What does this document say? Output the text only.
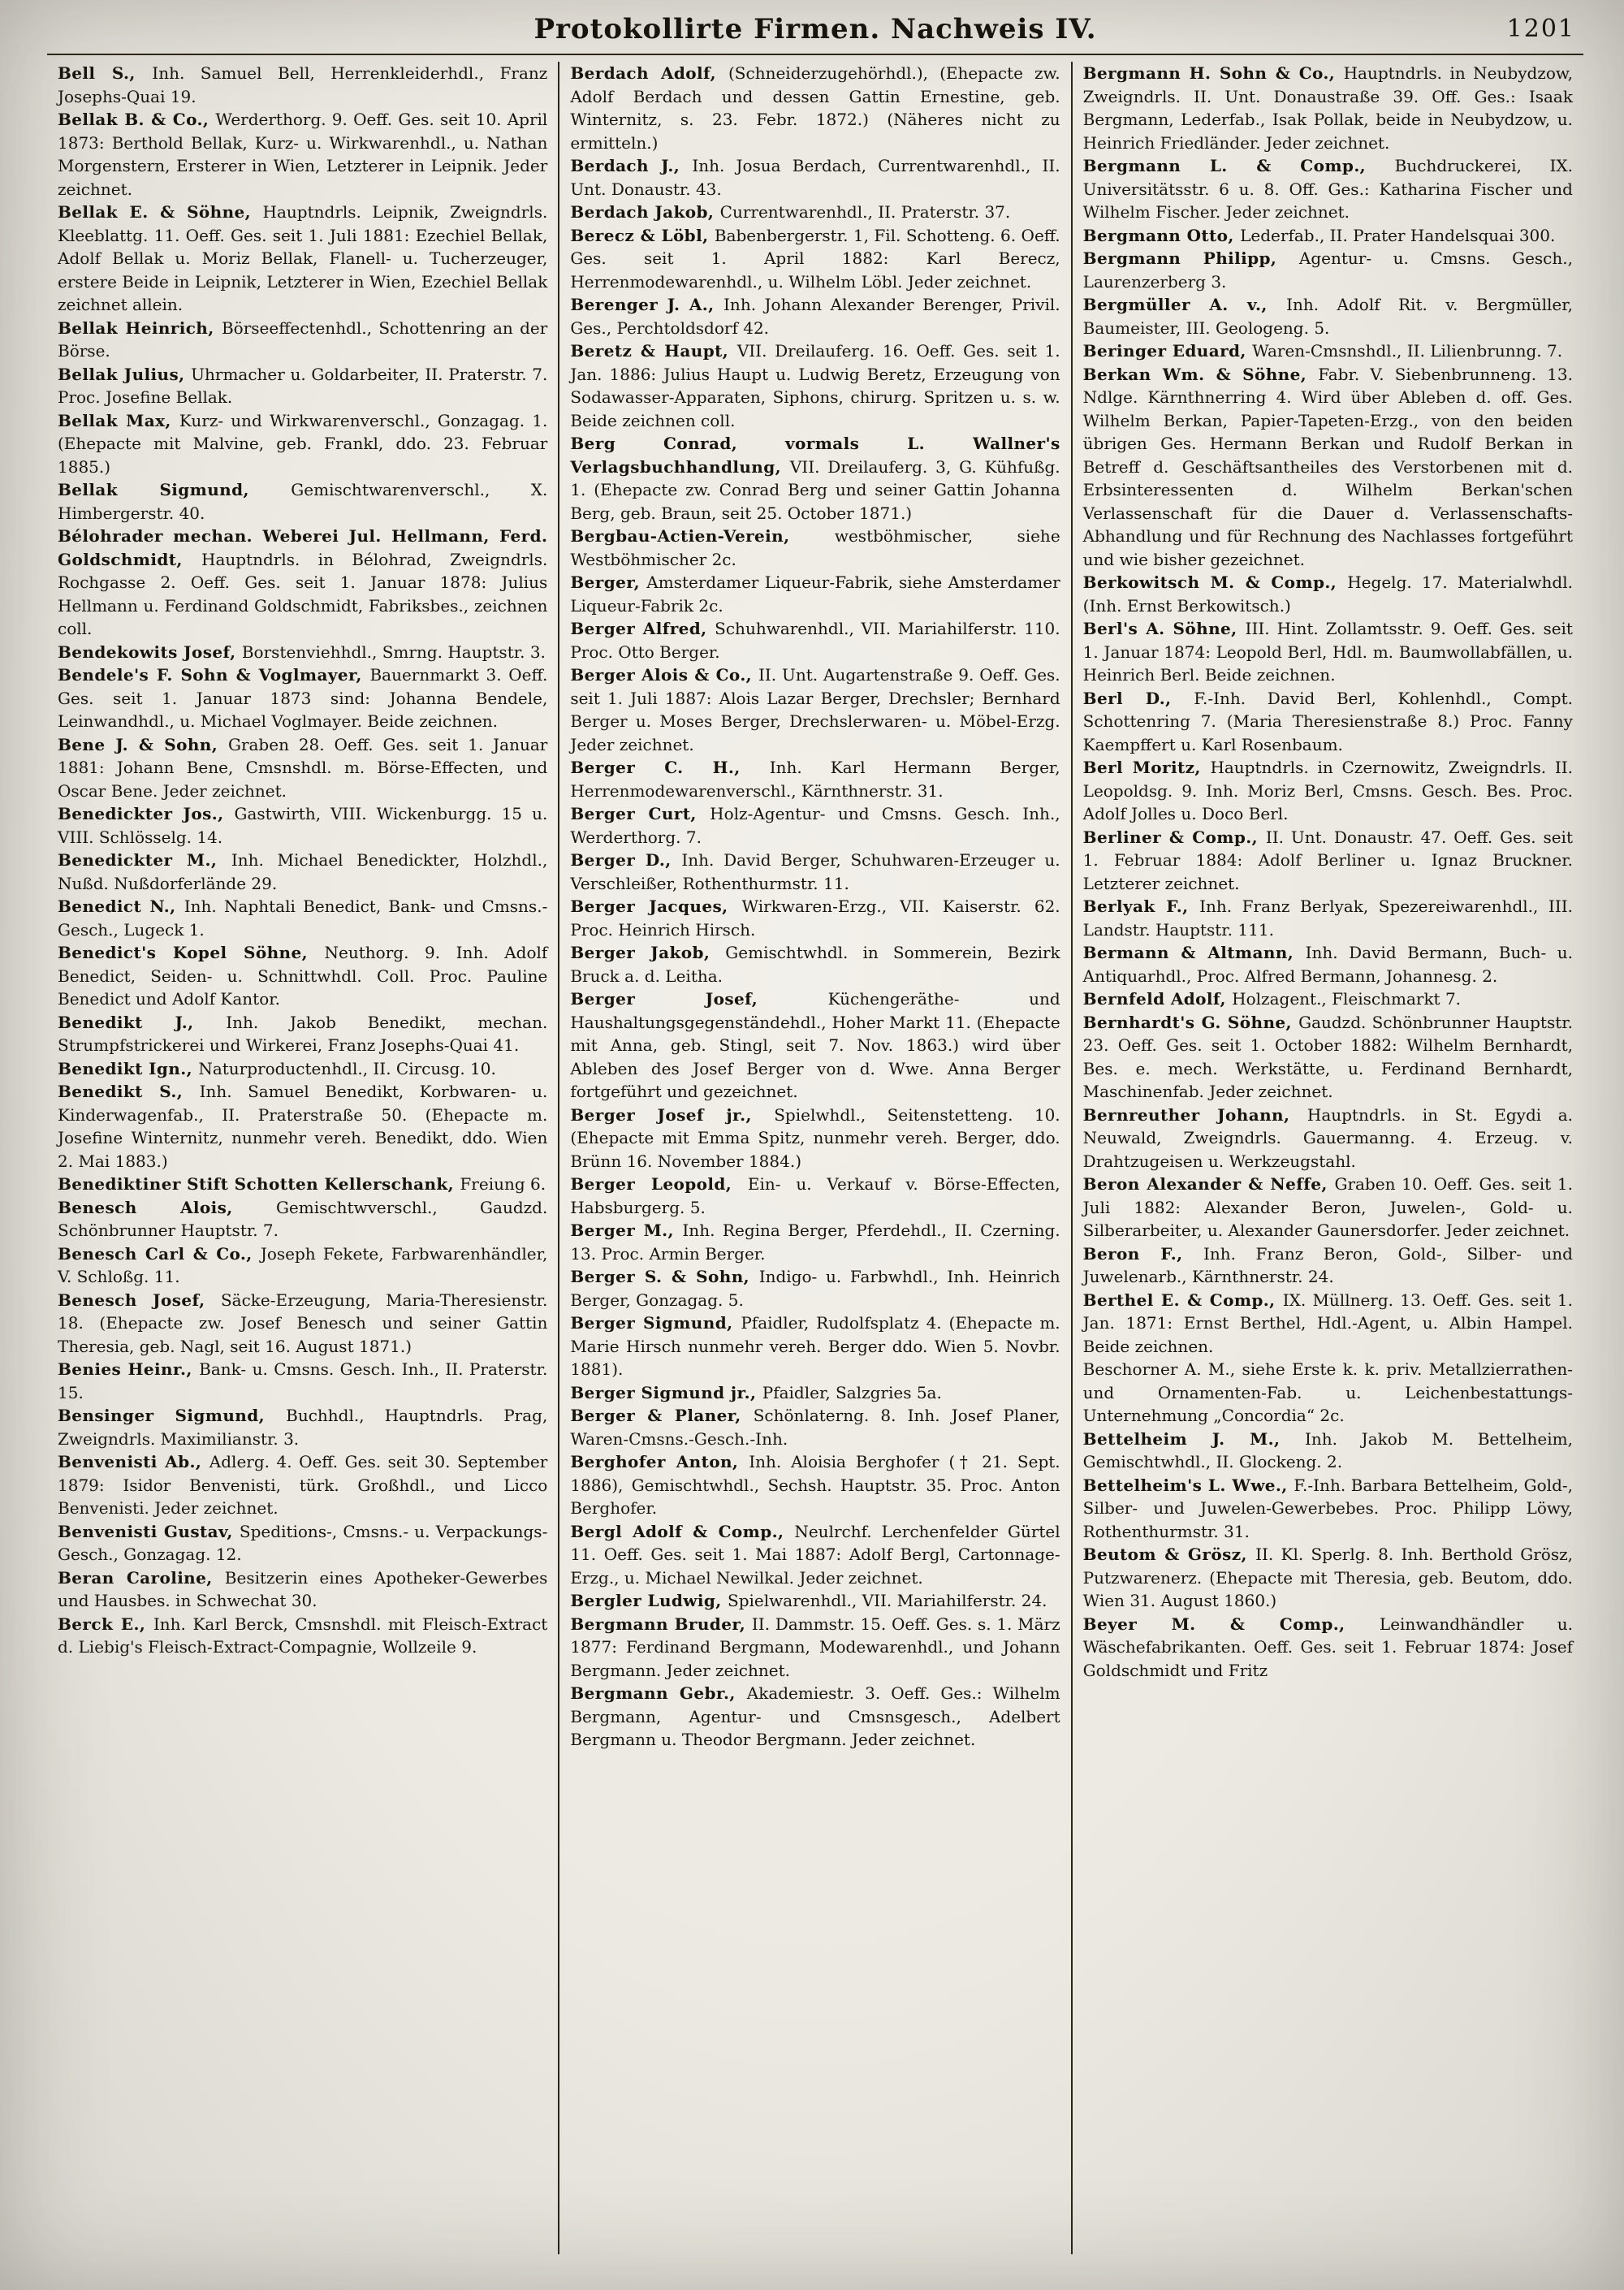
Protokollirte Firmen. Nachweis IV.	1201
Bell S., Inh. Samuel Bell, Herrenkleiderhdl., Franz Josephs-Quai 19.
Bellak B. & Co., Werderthorg. 9. Oeff. Ges. seit 10. April 1873: Berthold Bellak, Kurz- u. Wirkwarenhdl., u. Nathan Morgenstern, Ersterer in Wien, Letzterer in Leipnik. Jeder zeichnet.
Bellak E. & Söhne, Hauptndrls. Leipnik, Zweigndrls. Kleeblattg. 11. Oeff. Ges. seit 1. Juli 1881: Ezechiel Bellak, Adolf Bellak u. Moriz Bellak, Flanell- u. Tucherzeuger, erstere Beide in Leipnik, Letzterer in Wien, Ezechiel Bellak zeichnet allein.
Bellak Heinrich, Börseeffectenhdl., Schottenring an der Börse.
Bellak Julius, Uhrmacher u. Goldarbeiter, II. Praterstr. 7. Proc. Josefine Bellak.
Bellak Max, Kurz- und Wirkwarenverschl., Gonzagag. 1. (Ehepacte mit Malvine, geb. Frankl, ddo. 23. Februar 1885.)
Bellak Sigmund, Gemischtwarenverschl., X. Himbergerstr. 40.
Bélohrader mechan. Weberei Jul. Hellmann, Ferd. Goldschmidt, Hauptndrls. in Bélohrad, Zweigndrls. Rochgasse 2. Oeff. Ges. seit 1. Januar 1878: Julius Hellmann u. Ferdinand Goldschmidt, Fabriksbes., zeichnen coll.
Bendekowits Josef, Borstenviehhdl., Smrng. Hauptstr. 3.
Bendele's F. Sohn & Voglmayer, Bauernmarkt 3. Oeff. Ges. seit 1. Januar 1873 sind: Johanna Bendele, Leinwandhdl., u. Michael Voglmayer. Beide zeichnen.
Bene J. & Sohn, Graben 28. Oeff. Ges. seit 1. Januar 1881: Johann Bene, Cmsnshdl. m. Börse-Effecten, und Oscar Bene. Jeder zeichnet.
Benedickter Jos., Gastwirth, VIII. Wickenburgg. 15 u. VIII. Schlösselg. 14.
Benedickter M., Inh. Michael Benedickter, Holzhdl., Nußd. Nußdorferlände 29.
Benedict N., Inh. Naphtali Benedict, Bank- und Cmsns.-Gesch., Lugeck 1.
Benedict's Kopel Söhne, Neuthorg. 9. Inh. Adolf Benedict, Seiden- u. Schnittwhdl. Coll. Proc. Pauline Benedict und Adolf Kantor.
Benedikt J., Inh. Jakob Benedikt, mechan. Strumpfstrickerei und Wirkerei, Franz Josephs-Quai 41.
Benedikt Ign., Naturproductenhdl., II. Circusg. 10.
Benedikt S., Inh. Samuel Benedikt, Korbwaren- u. Kinderwagenfab., II. Praterstraße 50. (Ehepacte m. Josefine Winternitz, nunmehr vereh. Benedikt, ddo. Wien 2. Mai 1883.)
Benediktiner Stift Schotten Kellerschank, Freiung 6.
Benesch Alois, Gemischtwverschl., Gaudzd. Schönbrunner Hauptstr. 7.
Benesch Carl & Co., Joseph Fekete, Farbwarenhändler, V. Schloßg. 11.
Benesch Josef, Säcke-Erzeugung, Maria-Theresienstr. 18. (Ehepacte zw. Josef Benesch und seiner Gattin Theresia, geb. Nagl, seit 16. August 1871.)
Benies Heinr., Bank- u. Cmsns. Gesch. Inh., II. Praterstr. 15.
Bensinger Sigmund, Buchhdl., Hauptndrls. Prag, Zweigndrls. Maximilianstr. 3.
Benvenisti Ab., Adlerg. 4. Oeff. Ges. seit 30. September 1879: Isidor Benvenisti, türk. Großhdl., und Licco Benvenisti. Jeder zeichnet.
Benvenisti Gustav, Speditions-, Cmsns.- u. Verpackungs-Gesch., Gonzagag. 12.
Beran Caroline, Besitzerin eines Apotheker-Gewerbes und Hausbes. in Schwechat 30.
Berck E., Inh. Karl Berck, Cmsnshdl. mit Fleisch-Extract d. Liebig's Fleisch-Extract-Compagnie, Wollzeile 9.
Berdach Adolf, (Schneiderzugehörhdl.), (Ehepacte zw. Adolf Berdach und dessen Gattin Ernestine, geb. Winternitz, s. 23. Febr. 1872.) (Näheres nicht zu ermitteln.)
Berdach J., Inh. Josua Berdach, Currentwarenhdl., II. Unt. Donaustr. 43.
Berdach Jakob, Currentwarenhdl., II. Praterstr. 37.
Berecz & Löbl, Babenbergerstr. 1, Fil. Schotteng. 6. Oeff. Ges. seit 1. April 1882: Karl Berecz, Herrenmodewarenhdl., u. Wilhelm Löbl. Jeder zeichnet.
Berenger J. A., Inh. Johann Alexander Berenger, Privil. Ges., Perchtoldsdorf 42.
Beretz & Haupt, VII. Dreilauferg. 16. Oeff. Ges. seit 1. Jan. 1886: Julius Haupt u. Ludwig Beretz, Erzeugung von Sodawasser-Apparaten, Siphons, chirurg. Spritzen u. s. w. Beide zeichnen coll.
Berg Conrad, vormals L. Wallner's Verlagsbuchhandlung, VII. Dreilauferg. 3, G. Kühfußg. 1. (Ehepacte zw. Conrad Berg und seiner Gattin Johanna Berg, geb. Braun, seit 25. October 1871.)
Bergbau-Actien-Verein, westböhmischer, siehe Westböhmischer 2c.
Berger, Amsterdamer Liqueur-Fabrik, siehe Amsterdamer Liqueur-Fabrik 2c.
Berger Alfred, Schuhwarenhdl., VII. Mariahilferstr. 110. Proc. Otto Berger.
Berger Alois & Co., II. Unt. Augartenstraße 9. Oeff. Ges. seit 1. Juli 1887: Alois Lazar Berger, Drechsler; Bernhard Berger u. Moses Berger, Drechslerwaren- u. Möbel-Erzg. Jeder zeichnet.
Berger C. H., Inh. Karl Hermann Berger, Herrenmodewarenverschl., Kärnthnerstr. 31.
Berger Curt, Holz-Agentur- und Cmsns. Gesch. Inh., Werderthorg. 7.
Berger D., Inh. David Berger, Schuhwaren-Erzeuger u. Verschleißer, Rothenthurmstr. 11.
Berger Jacques, Wirkwaren-Erzg., VII. Kaiserstr. 62. Proc. Heinrich Hirsch.
Berger Jakob, Gemischtwhdl. in Sommerein, Bezirk Bruck a. d. Leitha.
Berger Josef, Küchengeräthe- und Haushaltungsgegenständehdl., Hoher Markt 11. (Ehepacte mit Anna, geb. Stingl, seit 7. Nov. 1863.) wird über Ableben des Josef Berger von d. Wwe. Anna Berger fortgeführt und gezeichnet.
Berger Josef jr., Spielwhdl., Seitenstetteng. 10. (Ehepacte mit Emma Spitz, nunmehr vereh. Berger, ddo. Brünn 16. November 1884.)
Berger Leopold, Ein- u. Verkauf v. Börse-Effecten, Habsburgerg. 5.
Berger M., Inh. Regina Berger, Pferdehdl., II. Czerning. 13. Proc. Armin Berger.
Berger S. & Sohn, Indigo- u. Farbwhdl., Inh. Heinrich Berger, Gonzagag. 5.
Berger Sigmund, Pfaidler, Rudolfsplatz 4. (Ehepacte m. Marie Hirsch nunmehr vereh. Berger ddo. Wien 5. Novbr. 1881).
Berger Sigmund jr., Pfaidler, Salzgries 5a.
Berger & Planer, Schönlaterng. 8. Inh. Josef Planer, Waren-Cmsns.-Gesch.-Inh.
Berghofer Anton, Inh. Aloisia Berghofer († 21. Sept. 1886), Gemischtwhdl., Sechsh. Hauptstr. 35. Proc. Anton Berghofer.
Bergl Adolf & Comp., Neulrchf. Lerchenfelder Gürtel 11. Oeff. Ges. seit 1. Mai 1887: Adolf Bergl, Cartonnage-Erzg., u. Michael Newilkal. Jeder zeichnet.
Bergler Ludwig, Spielwarenhdl., VII. Mariahilferstr. 24.
Bergmann Bruder, II. Dammstr. 15. Oeff. Ges. s. 1. März 1877: Ferdinand Bergmann, Modewarenhdl., und Johann Bergmann. Jeder zeichnet.
Bergmann Gebr., Akademiestr. 3. Oeff. Ges.: Wilhelm Bergmann, Agentur- und Cmsnsgesch., Adelbert Bergmann u. Theodor Bergmann. Jeder zeichnet.
Bergmann H. Sohn & Co., Hauptndrls. in Neubydzow, Zweigndrls. II. Unt. Donaustraße 39. Off. Ges.: Isaak Bergmann, Lederfab., Isak Pollak, beide in Neubydzow, u. Heinrich Friedländer. Jeder zeichnet.
Bergmann L. & Comp., Buchdruckerei, IX. Universitätsstr. 6 u. 8. Off. Ges.: Katharina Fischer und Wilhelm Fischer. Jeder zeichnet.
Bergmann Otto, Lederfab., II. Prater Handelsquai 300.
Bergmann Philipp, Agentur- u. Cmsns. Gesch., Laurenzerberg 3.
Bergmüller A. v., Inh. Adolf Rit. v. Bergmüller, Baumeister, III. Geologeng. 5.
Beringer Eduard, Waren-Cmsnshdl., II. Lilienbrunng. 7.
Berkan Wm. & Söhne, Fabr. V. Siebenbrunneng. 13. Ndlge. Kärnthnerring 4. Wird über Ableben d. off. Ges. Wilhelm Berkan, Papier-Tapeten-Erzg., von den beiden übrigen Ges. Hermann Berkan und Rudolf Berkan in Betreff d. Geschäftsantheiles des Verstorbenen mit d. Erbsinteressenten d. Wilhelm Berkan'schen Verlassenschaft für die Dauer d. Verlassenschafts-Abhandlung und für Rechnung des Nachlasses fortgeführt und wie bisher gezeichnet.
Berkowitsch M. & Comp., Hegelg. 17. Materialwhdl. (Inh. Ernst Berkowitsch.)
Berl's A. Söhne, III. Hint. Zollamtsstr. 9. Oeff. Ges. seit 1. Januar 1874: Leopold Berl, Hdl. m. Baumwollabfällen, u. Heinrich Berl. Beide zeichnen.
Berl D., F.-Inh. David Berl, Kohlenhdl., Compt. Schottenring 7. (Maria Theresienstraße 8.) Proc. Fanny Kaempffert u. Karl Rosenbaum.
Berl Moritz, Hauptndrls. in Czernowitz, Zweigndrls. II. Leopoldsg. 9. Inh. Moriz Berl, Cmsns. Gesch. Bes. Proc. Adolf Jolles u. Doco Berl.
Berliner & Comp., II. Unt. Donaustr. 47. Oeff. Ges. seit 1. Februar 1884: Adolf Berliner u. Ignaz Bruckner. Letzterer zeichnet.
Berlyak F., Inh. Franz Berlyak, Spezereiwarenhdl., III. Landstr. Hauptstr. 111.
Bermann & Altmann, Inh. David Bermann, Buch- u. Antiquarhdl., Proc. Alfred Bermann, Johannesg. 2.
Bernfeld Adolf, Holzagent., Fleischmarkt 7.
Bernhardt's G. Söhne, Gaudzd. Schönbrunner Hauptstr. 23. Oeff. Ges. seit 1. October 1882: Wilhelm Bernhardt, Bes. e. mech. Werkstätte, u. Ferdinand Bernhardt, Maschinenfab. Jeder zeichnet.
Bernreuther Johann, Hauptndrls. in St. Egydi a. Neuwald, Zweigndrls. Gauermanng. 4. Erzeug. v. Drahtzugeisen u. Werkzeugstahl.
Beron Alexander & Neffe, Graben 10. Oeff. Ges. seit 1. Juli 1882: Alexander Beron, Juwelen-, Gold- u. Silberarbeiter, u. Alexander Gaunersdorfer. Jeder zeichnet.
Beron F., Inh. Franz Beron, Gold-, Silber- und Juwelenarb., Kärnthnerstr. 24.
Berthel E. & Comp., IX. Müllnerg. 13. Oeff. Ges. seit 1. Jan. 1871: Ernst Berthel, Hdl.-Agent, u. Albin Hampel. Beide zeichnen.
Beschorner A. M., siehe Erste k. k. priv. Metallzierrathen- und Ornamenten-Fab. u. Leichenbestattungs-Unternehmung „Concordia“ 2c.
Bettelheim J. M., Inh. Jakob M. Bettelheim, Gemischtwhdl., II. Glockeng. 2.
Bettelheim's L. Wwe., F.-Inh. Barbara Bettelheim, Gold-, Silber- und Juwelen-Gewerbebes. Proc. Philipp Löwy, Rothenthurmstr. 31.
Beutom & Grösz, II. Kl. Sperlg. 8. Inh. Berthold Grösz, Putzwarenerz. (Ehepacte mit Theresia, geb. Beutom, ddo. Wien 31. August 1860.)
Beyer M. & Comp., Leinwandhändler u. Wäschefabrikanten. Oeff. Ges. seit 1. Februar 1874: Josef Goldschmidt und Fritz
